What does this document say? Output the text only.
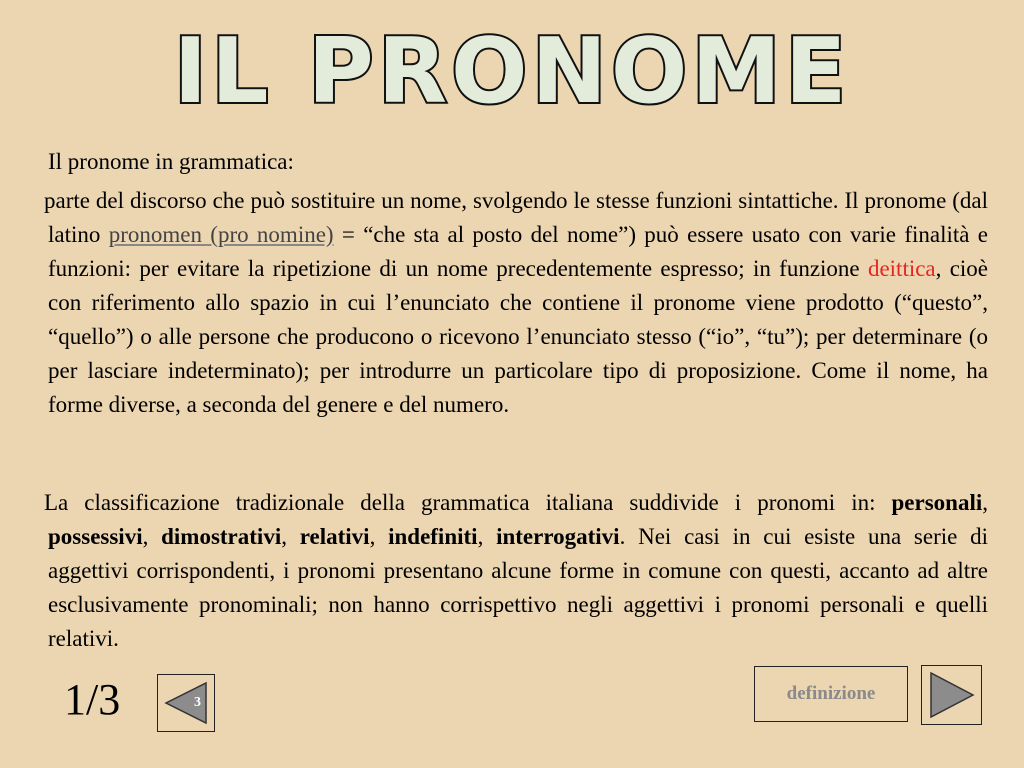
IL PRONOME
Il pronome in grammatica:
parte del discorso che può sostituire un nome, svolgendo le stesse funzioni sintattiche. Il pronome (dal latino pronomen (pro nomine) = “che sta al posto del nome”) può essere usato con varie finalità e funzioni: per evitare la ripetizione di un nome precedentemente espresso; in funzione deittica, cioè con riferimento allo spazio in cui l’enunciato che contiene il pronome viene prodotto (“questo”, “quello”) o alle persone che producono o ricevono l’enunciato stesso (“io”, “tu”); per determinare (o per lasciare indeterminato); per introdurre un particolare tipo di proposizione. Come il nome, ha forme diverse, a seconda del genere e del numero.
La classificazione tradizionale della grammatica italiana suddivide i pronomi in: personali, possessivi, dimostrativi, relativi, indefiniti, interrogativi. Nei casi in cui esiste una serie di aggettivi corrispondenti, i pronomi presentano alcune forme in comune con questi, accanto ad altre esclusivamente pronominali; non hanno corrispettivo negli aggettivi i pronomi personali e quelli relativi.
1/3	3	definizione
